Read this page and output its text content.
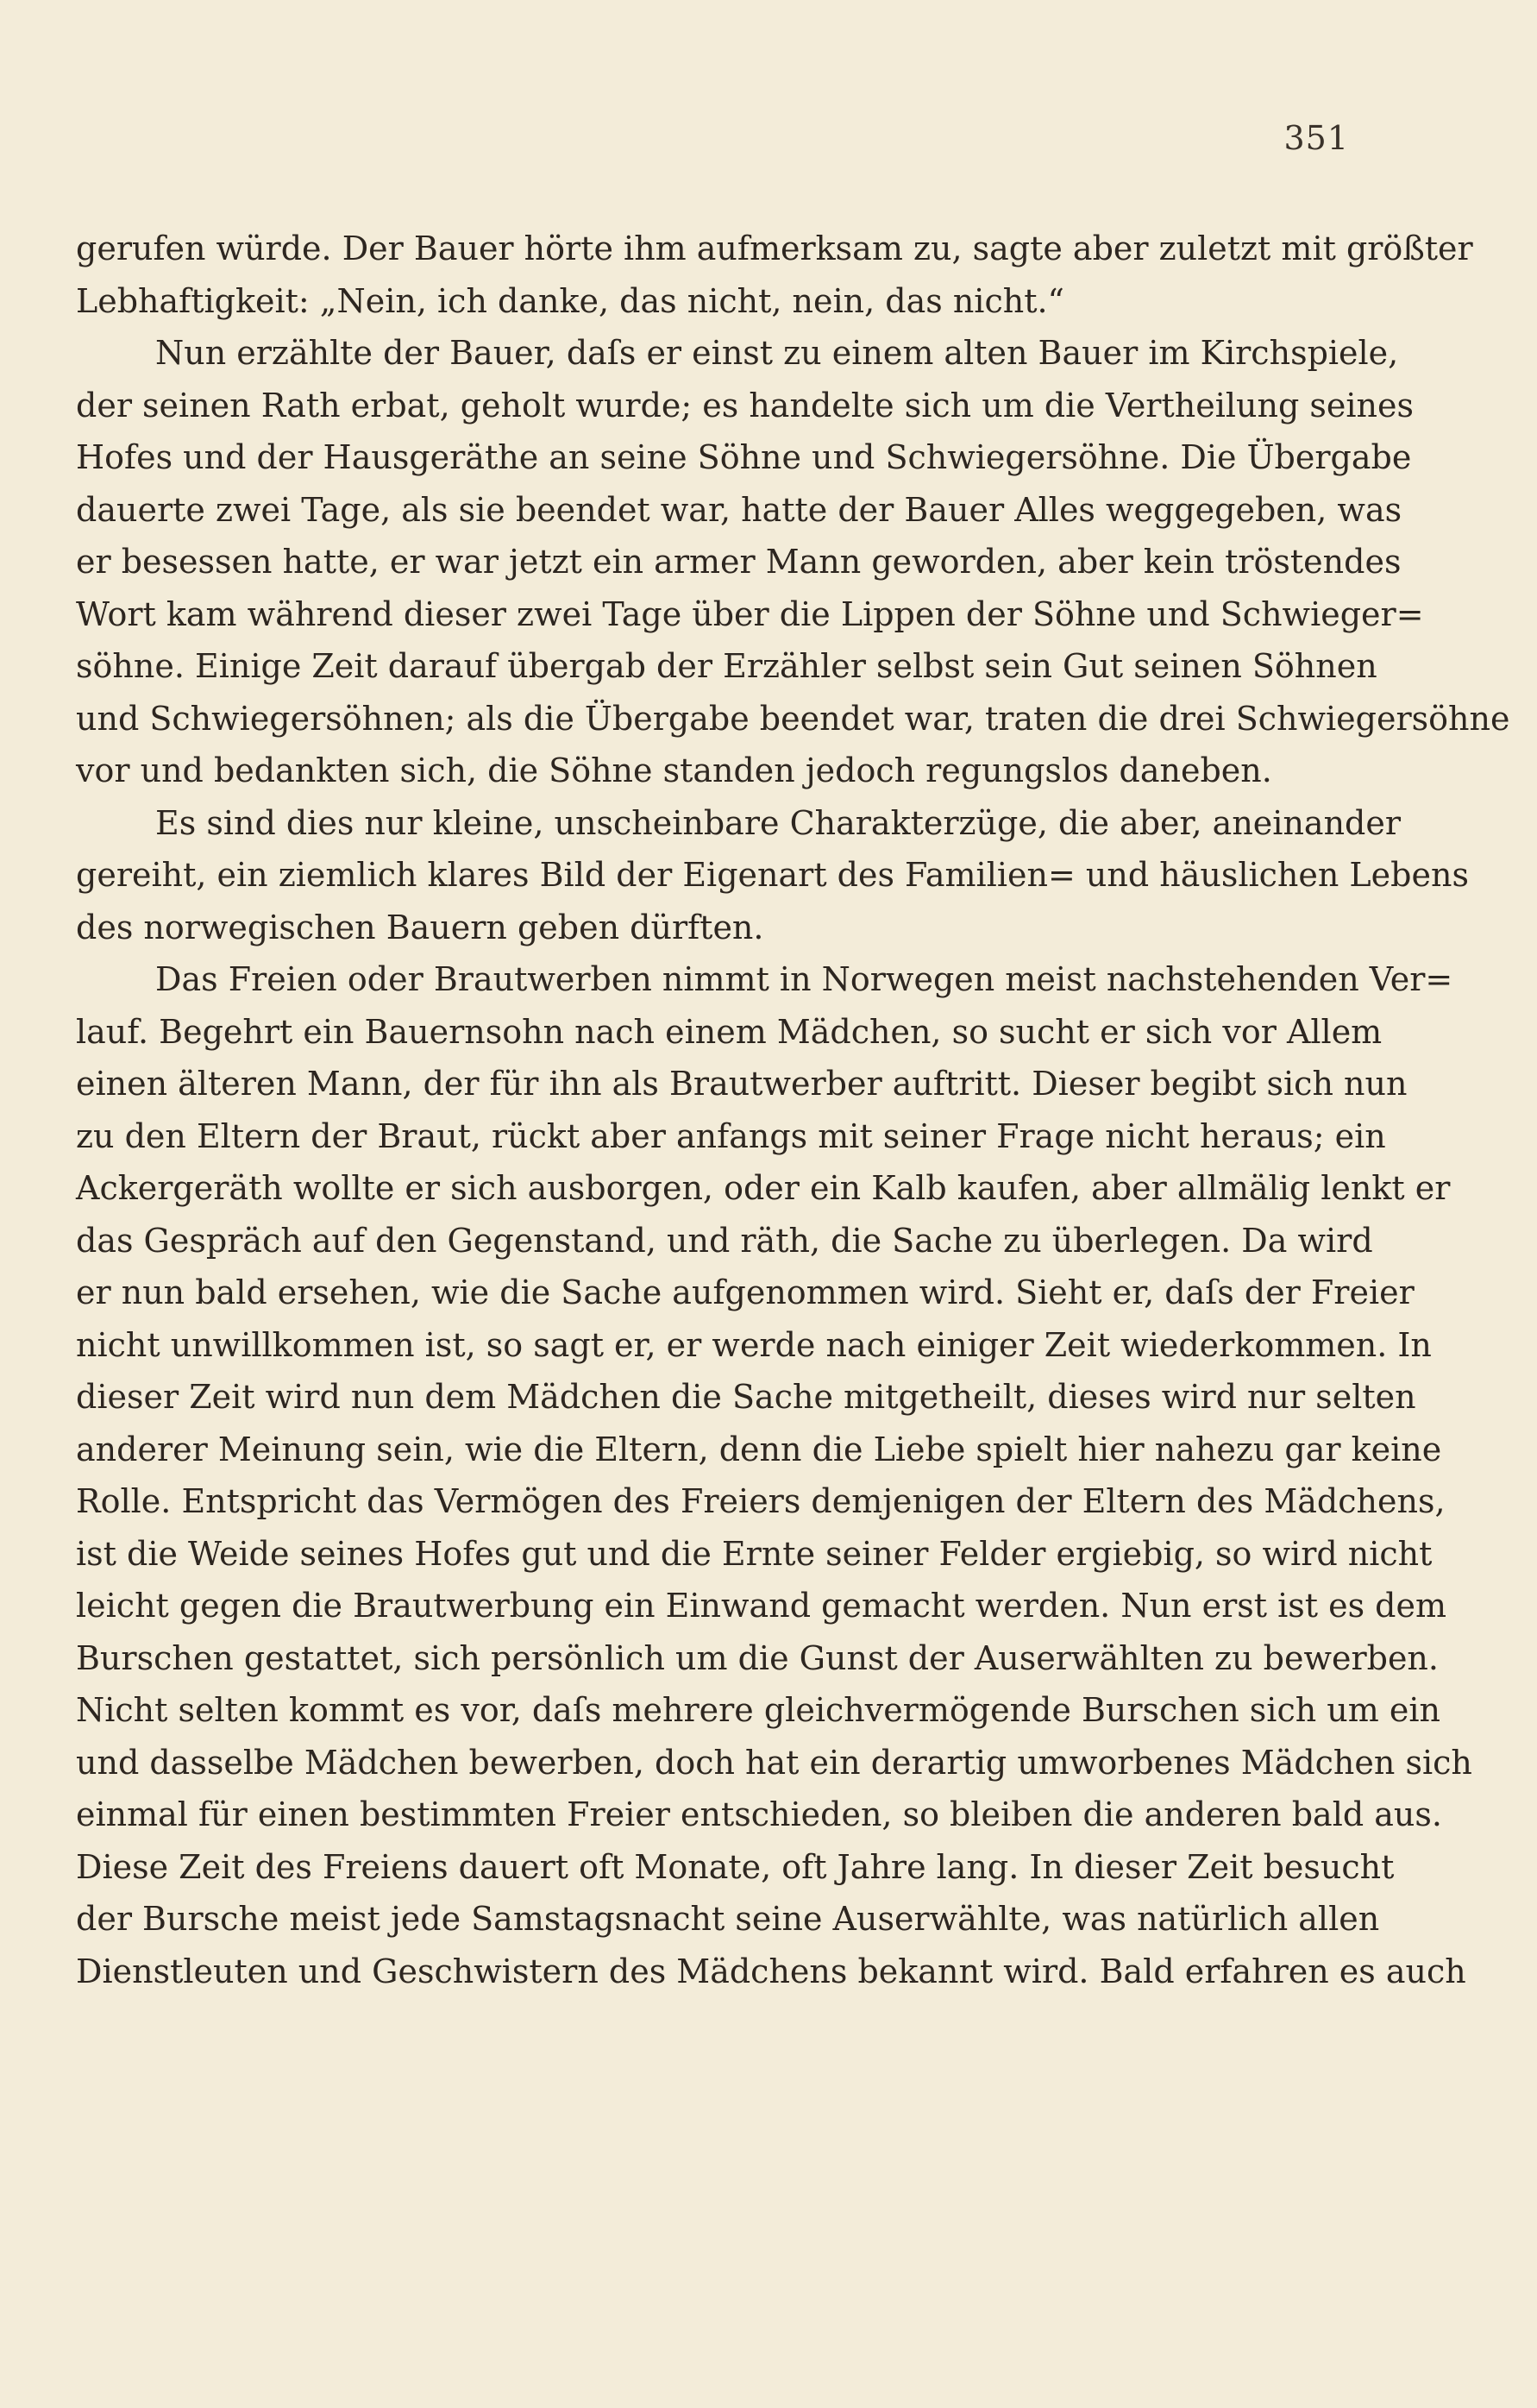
351
gerufen würde. Der Bauer hörte ihm aufmerksam zu, sagte aber zuletzt mit größter
Lebhaftigkeit: „Nein, ich danke, das nicht, nein, das nicht.“
Nun erzählte der Bauer, daſs er einst zu einem alten Bauer im Kirchspiele,
der seinen Rath erbat, geholt wurde; es handelte sich um die Vertheilung seines
Hofes und der Hausgeräthe an seine Söhne und Schwiegersöhne. Die Übergabe
dauerte zwei Tage, als sie beendet war, hatte der Bauer Alles weggegeben, was
er besessen hatte, er war jetzt ein armer Mann geworden, aber kein tröstendes
Wort kam während dieser zwei Tage über die Lippen der Söhne und Schwieger=
söhne. Einige Zeit darauf übergab der Erzähler selbst sein Gut seinen Söhnen
und Schwiegersöhnen; als die Übergabe beendet war, traten die drei Schwiegersöhne
vor und bedankten sich, die Söhne standen jedoch regungslos daneben.
Es sind dies nur kleine, unscheinbare Charakterzüge, die aber, aneinander
gereiht, ein ziemlich klares Bild der Eigenart des Familien= und häuslichen Lebens
des norwegischen Bauern geben dürften.
Das Freien oder Brautwerben nimmt in Norwegen meist nachstehenden Ver=
lauf. Begehrt ein Bauernsohn nach einem Mädchen, so sucht er sich vor Allem
einen älteren Mann, der für ihn als Brautwerber auftritt. Dieser begibt sich nun
zu den Eltern der Braut, rückt aber anfangs mit seiner Frage nicht heraus; ein
Ackergeräth wollte er sich ausborgen, oder ein Kalb kaufen, aber allmälig lenkt er
das Gespräch auf den Gegenstand, und räth, die Sache zu überlegen. Da wird
er nun bald ersehen, wie die Sache aufgenommen wird. Sieht er, daſs der Freier
nicht unwillkommen ist, so sagt er, er werde nach einiger Zeit wiederkommen. In
dieser Zeit wird nun dem Mädchen die Sache mitgetheilt, dieses wird nur selten
anderer Meinung sein, wie die Eltern, denn die Liebe spielt hier nahezu gar keine
Rolle. Entspricht das Vermögen des Freiers demjenigen der Eltern des Mädchens,
ist die Weide seines Hofes gut und die Ernte seiner Felder ergiebig, so wird nicht
leicht gegen die Brautwerbung ein Einwand gemacht werden. Nun erst ist es dem
Burschen gestattet, sich persönlich um die Gunst der Auserwählten zu bewerben.
Nicht selten kommt es vor, daſs mehrere gleichvermögende Burschen sich um ein
und dasselbe Mädchen bewerben, doch hat ein derartig umworbenes Mädchen sich
einmal für einen bestimmten Freier entschieden, so bleiben die anderen bald aus.
Diese Zeit des Freiens dauert oft Monate, oft Jahre lang. In dieser Zeit besucht
der Bursche meist jede Samstagsnacht seine Auserwählte, was natürlich allen
Dienstleuten und Geschwistern des Mädchens bekannt wird. Bald erfahren es auch
